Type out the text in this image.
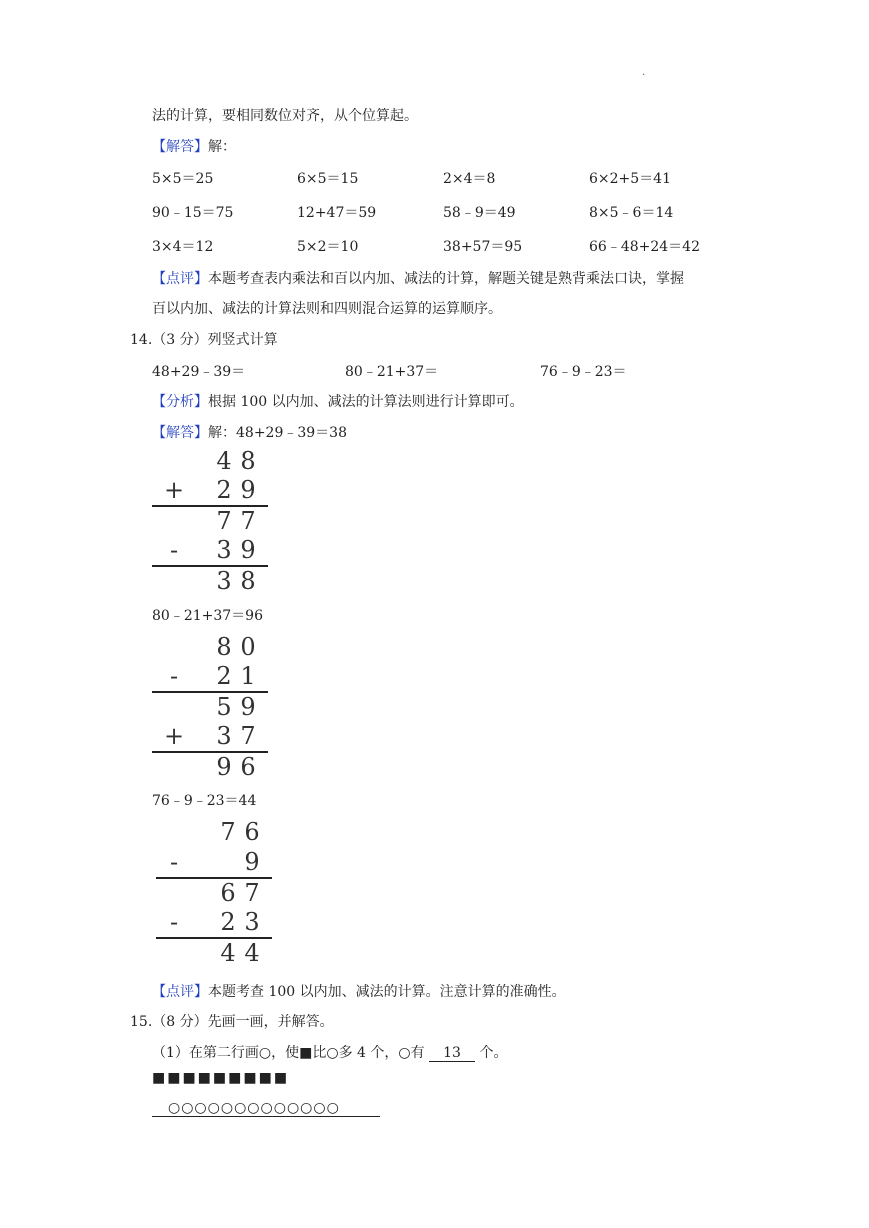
·
法的计算，要相同数位对齐，从个位算起。
【解答】解：
5×5＝25	6×5＝15	2×4＝8	6×2+5＝41
90﹣15＝75	12+47＝59	58﹣9＝49	8×5﹣6＝14
3×4＝12	5×2＝10	38+57＝95	66﹣48+24＝42
【点评】本题考查表内乘法和百以内加、减法的计算，解题关键是熟背乘法口诀，掌握
百以内加、减法的计算法则和四则混合运算的运算顺序。
14.（3 分）列竖式计算
48+29﹣39＝	80﹣21+37＝	76﹣9﹣23＝
【分析】根据 100 以内加、减法的计算法则进行计算即可。
【解答】解：48+29﹣39＝38
4 8
+ 2 9
7 7
-	3 9
3 8
80﹣21+37＝96
8 0
-	2 1
5 9
+ 3 7
9 6
76﹣9﹣23＝44
7 6
-	9
6 7
-	2 3
4 4
【点评】本题考查 100 以内加、减法的计算。注意计算的准确性。
15.（8 分）先画一画，并解答。
（1）在第二行画○，使■比○多 4 个，○有 13 个。
■■■■■■■■■
○○○○○○○○○○○○○
